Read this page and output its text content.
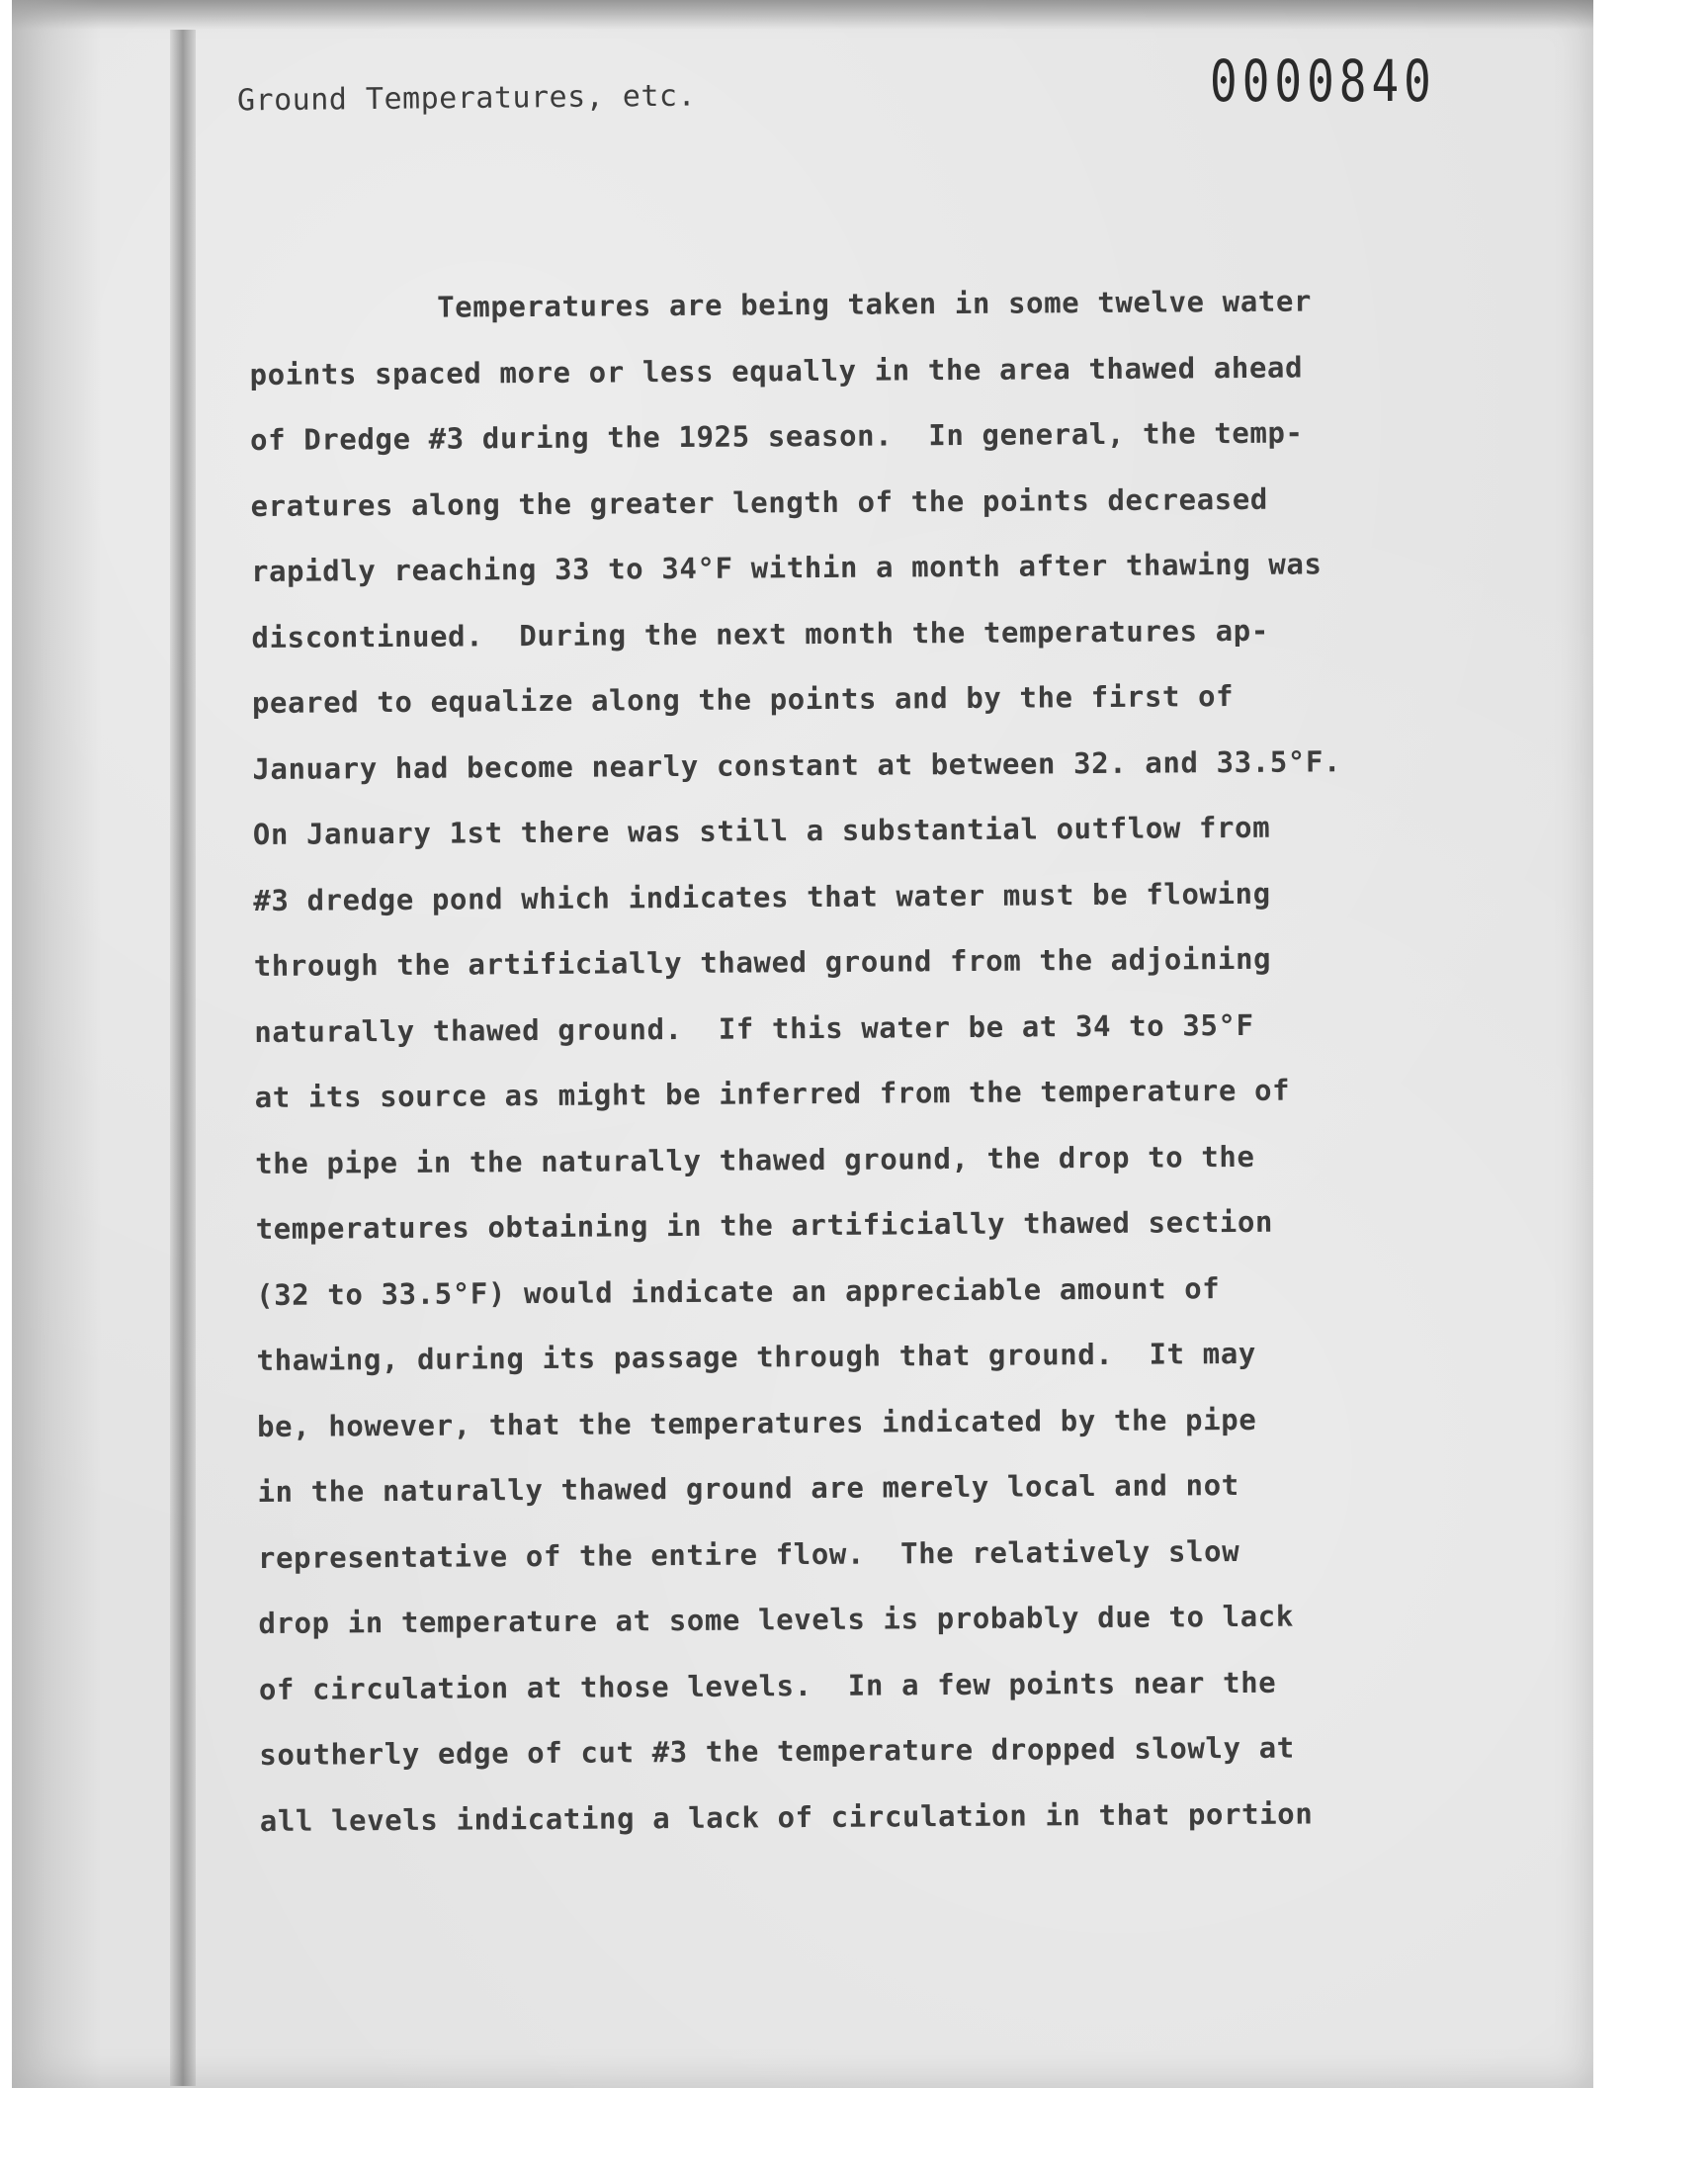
Ground Temperatures, etc.	0000840
Temperatures are being taken in some twelve water
points spaced more or less equally in the area thawed ahead
of Dredge #3 during the 1925 season.  In general, the temp-
eratures along the greater length of the points decreased
rapidly reaching 33 to 34°F within a month after thawing was
discontinued.  During the next month the temperatures ap-
peared to equalize along the points and by the first of
January had become nearly constant at between 32. and 33.5°F.
On January 1st there was still a substantial outflow from
#3 dredge pond which indicates that water must be flowing
through the artificially thawed ground from the adjoining
naturally thawed ground.  If this water be at 34 to 35°F
at its source as might be inferred from the temperature of
the pipe in the naturally thawed ground, the drop to the
temperatures obtaining in the artificially thawed section
(32 to 33.5°F) would indicate an appreciable amount of
thawing, during its passage through that ground.  It may
be, however, that the temperatures indicated by the pipe
in the naturally thawed ground are merely local and not
representative of the entire flow.  The relatively slow
drop in temperature at some levels is probably due to lack
of circulation at those levels.  In a few points near the
southerly edge of cut #3 the temperature dropped slowly at
all levels indicating a lack of circulation in that portion
